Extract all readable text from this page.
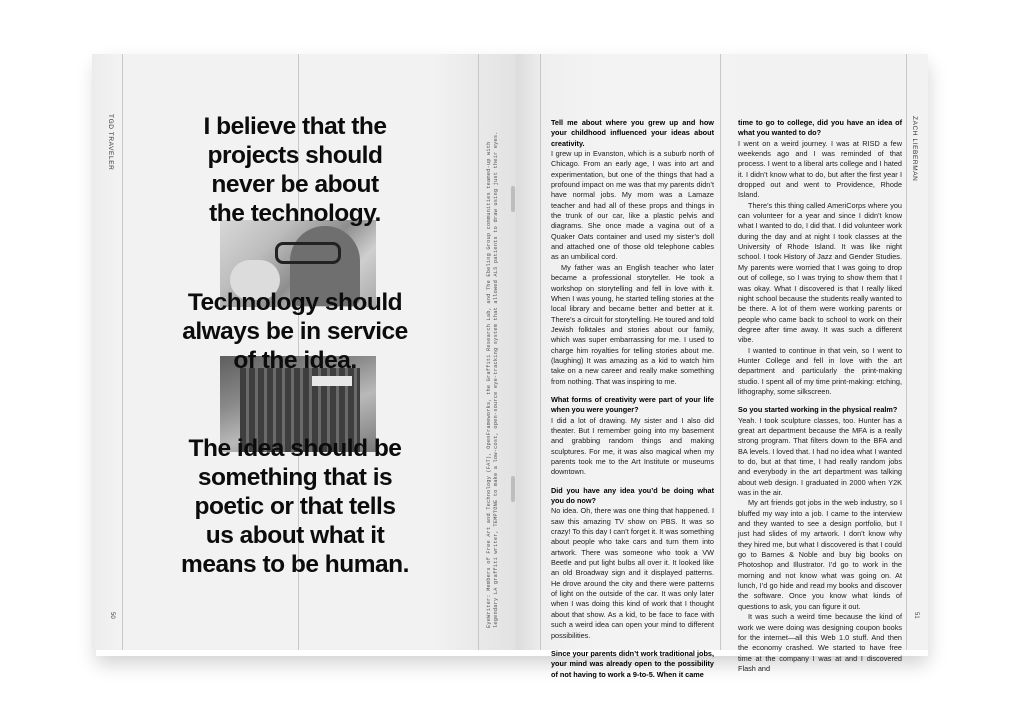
TGD TRAVELER
50	EyeWriter: Members of Free Art and Technology (FAT), OpenFrameworks, the Graffiti Research Lab, and The Ebeling Group communities teamed-up with legendary LA graffiti writer, TEMPTONE to make a low-cost, open-source eye-tracking system that allowed ALS patients to draw using just their eyes.
I believe that the
projects should
never be about
the technology.
Technology should
always be in service
of the idea.
The idea should be
something that is
poetic or that tells
us about what it
means to be human.
ZACH LIEBERMAN
51

Tell me about where you grew up and how your childhood influenced your ideas about creativity.

I grew up in Evanston, which is a suburb north of Chicago. From an early age, I was into art and experimentation, but one of the things that had a profound impact on me was that my parents didn’t have normal jobs. My mom was a Lamaze teacher and had all of these props and things in the trunk of our car, like a plastic pelvis and diagrams. She once made a vagina out of a Quaker Oats container and used my sister’s doll and attached one of those old telephone cables as an umbilical cord.

My father was an English teacher who later became a professional storyteller. He took a workshop on storytelling and fell in love with it. When I was young, he started telling stories at the local library and became better and better at it. There’s a circuit for storytelling. He toured and told Jewish folktales and stories about our family, which was super embarrassing for me. I used to charge him royalties for telling stories about me. (laughing) It was amazing as a kid to watch him take on a new career and really make something from nothing. That was inspiring to me.

What forms of creativity were part of your life when you were younger?

I did a lot of drawing. My sister and I also did theater. But I remember going into my basement and grabbing random things and making sculptures. For me, it was also magical when my parents took me to the Art Institute or museums downtown.

Did you have any idea you’d be doing what you do now?

No idea. Oh, there was one thing that happened. I saw this amazing TV show on PBS. It was so crazy! To this day I can’t forget it. It was something about people who take cars and turn them into artwork. There was someone who took a VW Beetle and put light bulbs all over it. It looked like an old Broadway sign and it displayed patterns. He drove around the city and there were patterns of light on the outside of the car. It was only later when I was doing this kind of work that I thought about that show. As a kid, to be face to face with such a weird idea can open your mind to different possibilities.

Since your parents didn’t work traditional jobs, your mind was already open to the possibility of not having to work a 9-to-5. When it came

time to go to college, did you have an idea of what you wanted to do?

I went on a weird journey. I was at RISD a few weekends ago and I was reminded of that process. I went to a liberal arts college and I hated it. I didn’t know what to do, but after the first year I dropped out and went to Providence, Rhode Island.

There’s this thing called AmeriCorps where you can volunteer for a year and since I didn’t know what I wanted to do, I did that. I did volunteer work during the day and at night I took classes at the University of Rhode Island. It was like night school. I took History of Jazz and Gender Studies. My parents were worried that I was going to drop out of college, so I was trying to show them that I was okay. What I discovered is that I really liked night school because the students really wanted to be there. A lot of them were working parents or people who came back to school to work on their degree after time away. It was such a different vibe.

I wanted to continue in that vein, so I went to Hunter College and fell in love with the art department and particularly the print-making studio. I spent all of my time print-making: etching, lithography, some silkscreen.

So you started working in the physical realm?

Yeah. I took sculpture classes, too. Hunter has a great art department because the MFA is a really strong program. That filters down to the BFA and BA levels. I loved that. I had no idea what I wanted to do, but at that time, I had really random jobs and everybody in the art department was talking about web design. I graduated in 2000 when Y2K was in the air.

My art friends got jobs in the web industry, so I bluffed my way into a job. I came to the interview and they wanted to see a design portfolio, but I just had slides of my artwork. I don’t know why they hired me, but what I discovered is that I could go to Barnes & Noble and buy big books on Photoshop and Illustrator. I’d go to work in the morning and not know what was going on. At lunch, I’d go hide and read my books and discover the software. Once you know what kinds of questions to ask, you can figure it out.

It was such a weird time because the kind of work we were doing was designing coupon books for the internet—all this Web 1.0 stuff. And then the economy crashed. We started to have free time at the company I was at and I discovered Flash and
